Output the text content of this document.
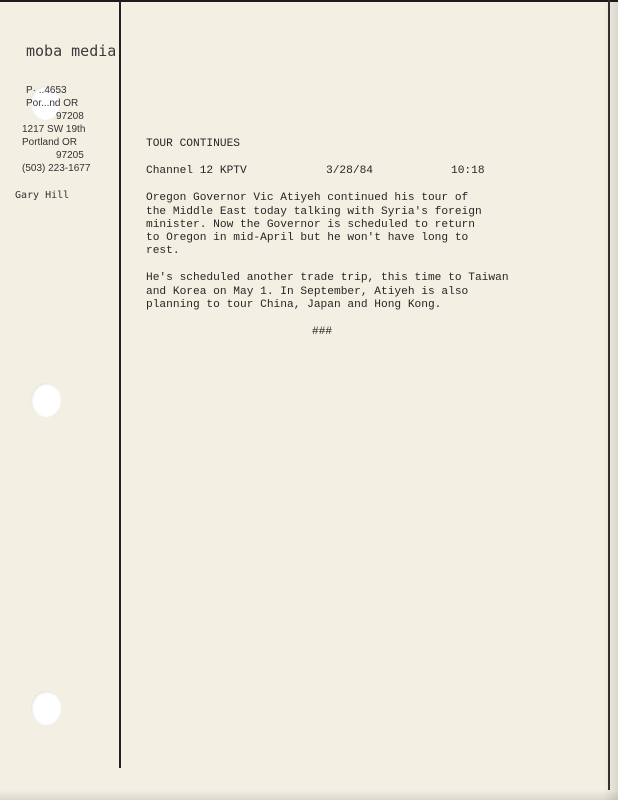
moba media
P· ..4653
Por...nd OR
97208
1217 SW 19th
Portland OR
97205
(503) 223-1677
Gary Hill
TOUR CONTINUES
Channel 12 KPTV	3/28/84	10:18
Oregon Governor Vic Atiyeh continued his tour of
the Middle East today talking with Syria's foreign
minister. Now the Governor is scheduled to return
to Oregon in mid-April but he won't have long to
rest.
He's scheduled another trade trip, this time to Taiwan
and Korea on May 1. In September, Atiyeh is also
planning to tour China, Japan and Hong Kong.
###
